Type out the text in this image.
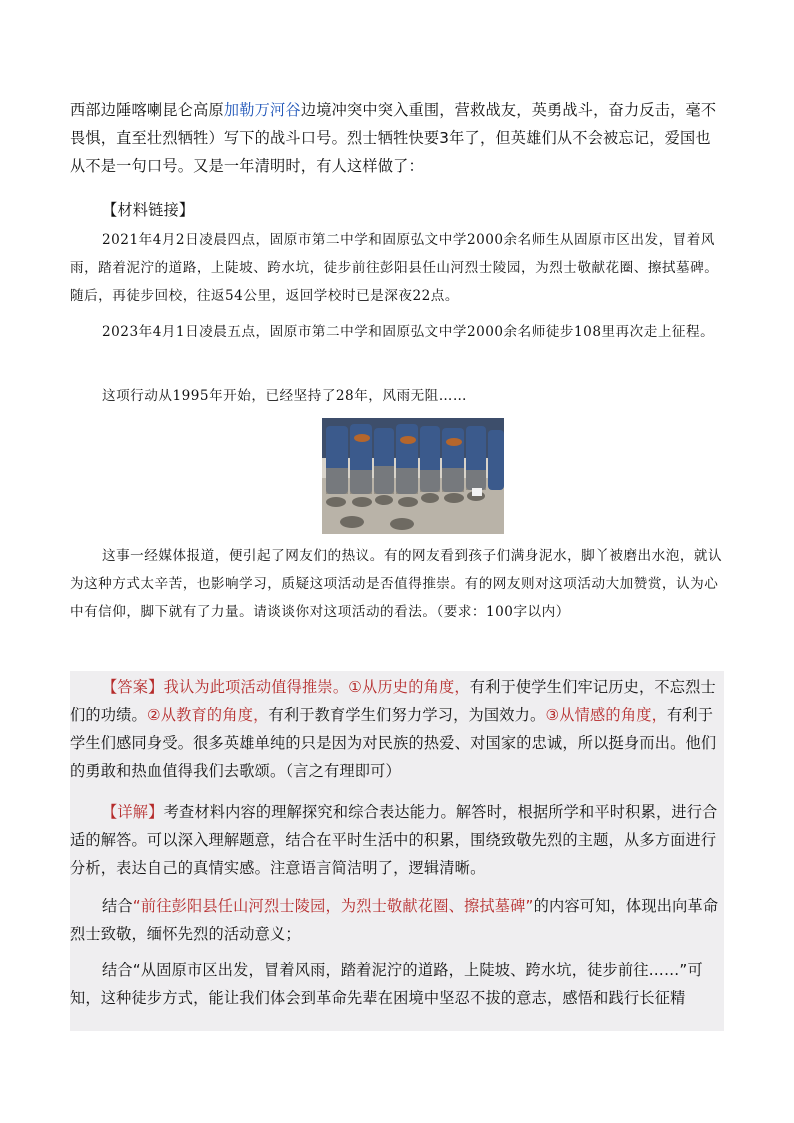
西部边陲喀喇昆仑高原加勒万河谷边境冲突中突入重围，营救战友，英勇战斗，奋力反击，毫不畏惧，直至壮烈牺牲）写下的战斗口号。烈士牺牲快要3年了，但英雄们从不会被忘记，爱国也从不是一句口号。又是一年清明时，有人这样做了：

【材料链接】

2021年4月2日凌晨四点，固原市第二中学和固原弘文中学2000余名师生从固原市区出发，冒着风雨，踏着泥泞的道路，上陡坡、跨水坑，徒步前往彭阳县任山河烈士陵园，为烈士敬献花圈、擦拭墓碑。随后，再徒步回校，往返54公里，返回学校时已是深夜22点。

2023年4月1日凌晨五点，固原市第二中学和固原弘文中学2000余名师徒步108里再次走上征程。

这项行动从1995年开始，已经坚持了28年，风雨无阻……

这事一经媒体报道，便引起了网友们的热议。有的网友看到孩子们满身泥水，脚丫被磨出水泡，就认为这种方式太辛苦，也影响学习，质疑这项活动是否值得推崇。有的网友则对这项活动大加赞赏，认为心中有信仰，脚下就有了力量。请谈谈你对这项活动的看法。（要求：100字以内）

【答案】我认为此项活动值得推崇。①从历史的角度，有利于使学生们牢记历史，不忘烈士们的功绩。②从教育的角度，有利于教育学生们努力学习，为国效力。③从情感的角度，有利于学生们感同身受。很多英雄单纯的只是因为对民族的热爱、对国家的忠诚，所以挺身而出。他们的勇敢和热血值得我们去歌颂。（言之有理即可）

【详解】考查材料内容的理解探究和综合表达能力。解答时，根据所学和平时积累，进行合适的解答。可以深入理解题意，结合在平时生活中的积累，围绕致敬先烈的主题，从多方面进行分析，表达自己的真情实感。注意语言简洁明了，逻辑清晰。

结合“前往彭阳县任山河烈士陵园，为烈士敬献花圈、擦拭墓碑”的内容可知，体现出向革命烈士致敬，缅怀先烈的活动意义；

结合“从固原市区出发，冒着风雨，踏着泥泞的道路，上陡坡、跨水坑，徒步前往……”可知，这种徒步方式，能让我们体会到革命先辈在困境中坚忍不拔的意志，感悟和践行长征精
